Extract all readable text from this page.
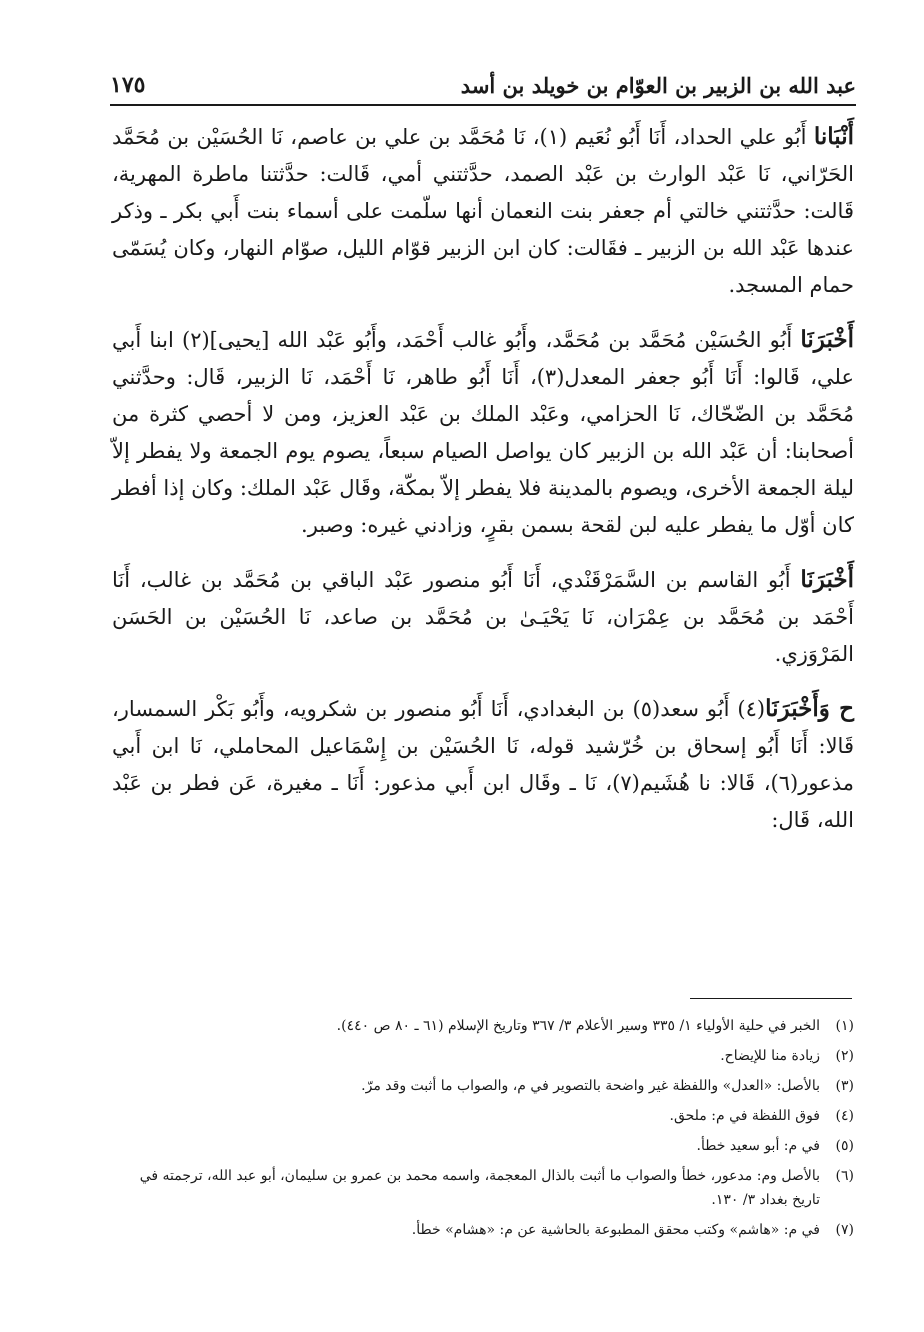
عبد الله بن الزبير بن العوّام بن خويلد بن أسد
١٧٥

أَنْبَانا أَبُو علي الحداد، أَنَا أَبُو نُعَيم (١)، نَا مُحَمَّد بن علي بن عاصم، نَا الحُسَيْن بن مُحَمَّد الحَرّاني، نَا عَبْد الوارث بن عَبْد الصمد، حدَّثتني أمي، قَالت: حدَّثتنا ماطرة المهرية، قَالت: حدَّثتني خالتي أم جعفر بنت النعمان أنها سلّمت على أسماء بنت أَبي بكر ـ وذكر عندها عَبْد الله بن الزبير ـ فقَالت: كان ابن الزبير قوّام الليل، صوّام النهار، وكان يُسَمّى حمام المسجد.

أَخْبَرَنَا أَبُو الحُسَيْن مُحَمَّد بن مُحَمَّد، وأَبُو غالب أَحْمَد، وأَبُو عَبْد الله [يحيى](٢) ابنا أَبي علي، قَالوا: أَنَا أَبُو جعفر المعدل(٣)، أَنَا أَبُو طاهر، نَا أَحْمَد، نَا الزبير، قَال: وحدَّثني مُحَمَّد بن الضّحّاك، نَا الحزامي، وعَبْد الملك بن عَبْد العزيز، ومن لا أحصي كثرة من أصحابنا: أن عَبْد الله بن الزبير كان يواصل الصيام سبعاً، يصوم يوم الجمعة ولا يفطر إلاّ ليلة الجمعة الأخرى، ويصوم بالمدينة فلا يفطر إلاّ بمكّة، وقَال عَبْد الملك: وكان إذا أفطر كان أوّل ما يفطر عليه لبن لقحة بسمن بقرٍ، وزادني غيره: وصبر.

أَخْبَرَنَا أَبُو القاسم بن السَّمَرْقَنْدي، أَنَا أَبُو منصور عَبْد الباقي بن مُحَمَّد بن غالب، أَنَا أَحْمَد بن مُحَمَّد بن عِمْرَان، نَا يَحْيَـىٰ بن مُحَمَّد بن صاعد، نَا الحُسَيْن بن الحَسَن المَرْوَزي.

ح وَأَخْبَرَنَا(٤) أَبُو سعد(٥) بن البغدادي، أَنَا أَبُو منصور بن شكرويه، وأَبُو بَكْر السمسار، قَالا: أَنَا أَبُو إسحاق بن خُرّشيد قوله، نَا الحُسَيْن بن إِسْمَاعيل المحاملي، نَا ابن أَبي مذعور(٦)، قَالا: نا هُشَيم(٧)، نَا ـ وقَال ابن أَبي مذعور: أَنَا ـ مغيرة، عَن فطر بن عَبْد الله، قَال:

(١)
الخبر في حلية الأولياء ١/ ٣٣٥ وسير الأعلام ٣/ ٣٦٧ وتاريخ الإسلام (٦١ ـ ٨٠ ص ٤٤٠).
(٢)
زيادة منا للإيضاح.
(٣)
بالأصل: «العدل» واللفظة غير واضحة بالتصوير في م، والصواب ما أثبت وقد مرّ.
(٤)
فوق اللفظة في م: ملحق.
(٥)
في م: أبو سعيد خطأ.
(٦)
بالأصل وم: مدعور، خطأ والصواب ما أثبت بالذال المعجمة، واسمه محمد بن عمرو بن سليمان، أبو عبد الله، ترجمته في تاريخ بغداد ٣/ ١٣٠.
(٧)
في م: «هاشم» وكتب محقق المطبوعة بالحاشية عن م: «هشام» خطأ.
